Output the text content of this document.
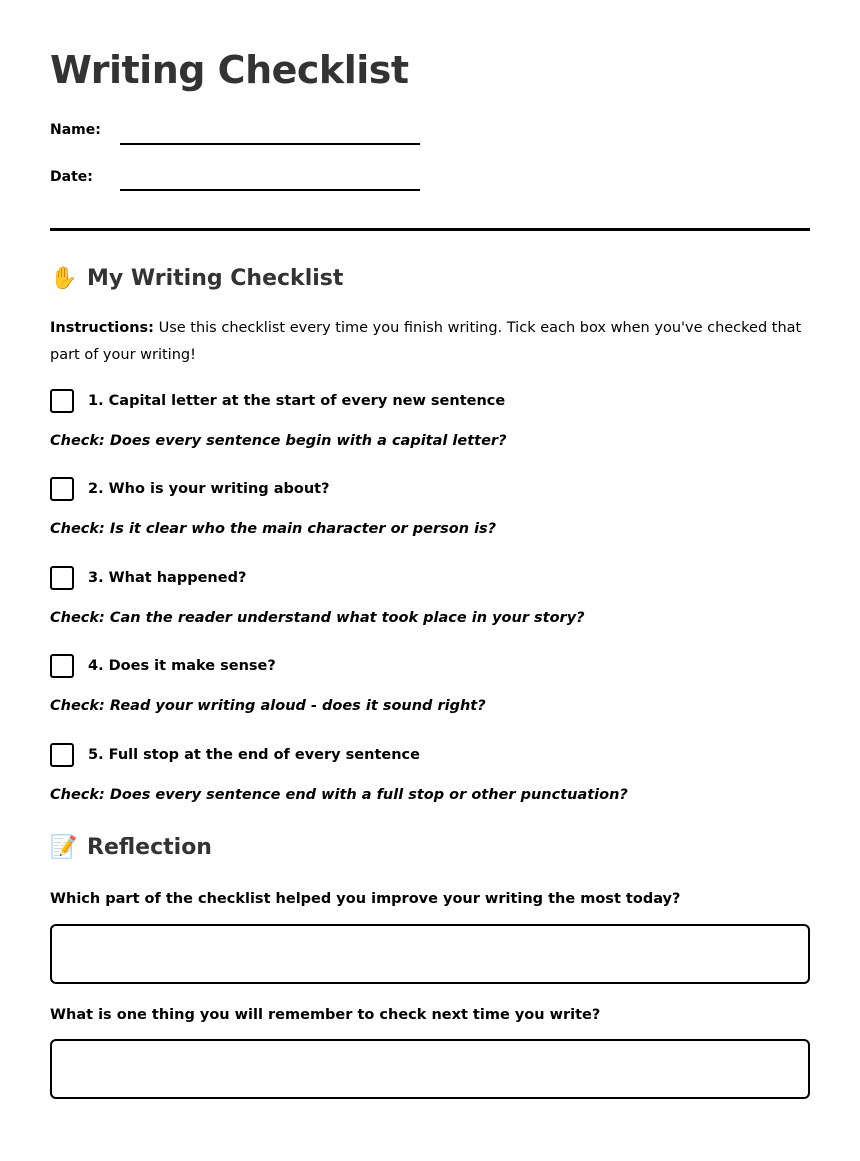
Writing Checklist
Name:
Date:
✋ My Writing Checklist
Instructions: Use this checklist every time you finish writing. Tick each box when you've checked that part of your writing!
1. Capital letter at the start of every new sentence
Check: Does every sentence begin with a capital letter?
2. Who is your writing about?
Check: Is it clear who the main character or person is?
3. What happened?
Check: Can the reader understand what took place in your story?
4. Does it make sense?
Check: Read your writing aloud - does it sound right?
5. Full stop at the end of every sentence
Check: Does every sentence end with a full stop or other punctuation?
📝 Reflection
Which part of the checklist helped you improve your writing the most today?
What is one thing you will remember to check next time you write?
